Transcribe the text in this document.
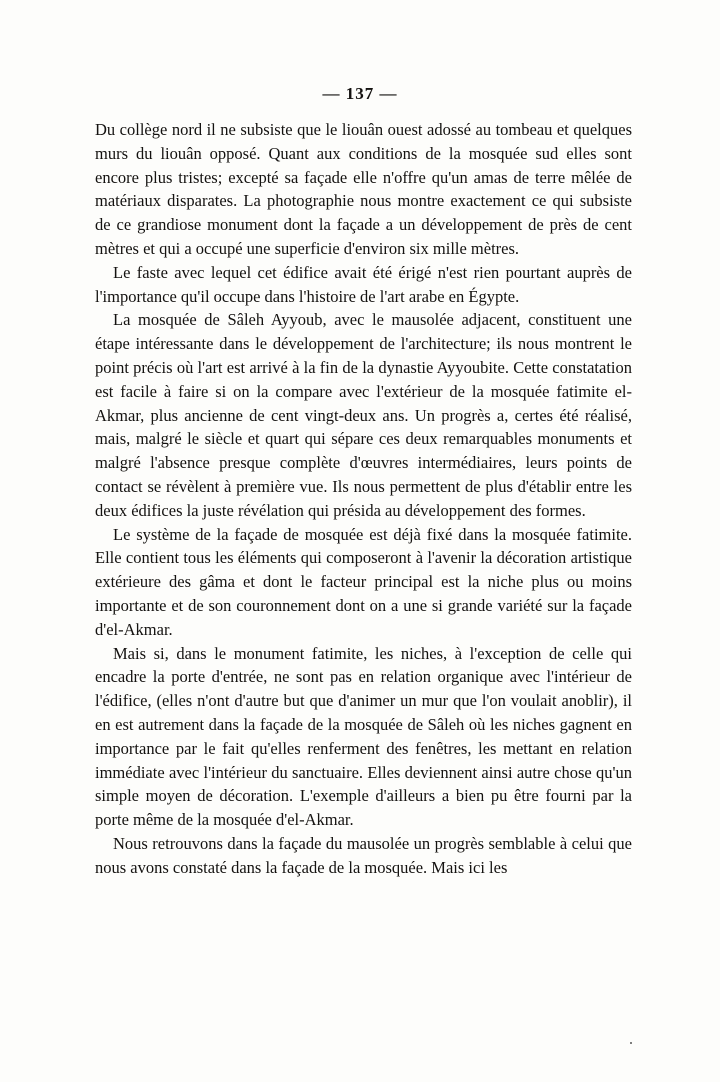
— 137 —

Du collège nord il ne subsiste que le liouân ouest adossé au tombeau et quelques murs du liouân opposé. Quant aux conditions de la mosquée sud elles sont encore plus tristes; excepté sa façade elle n'offre qu'un amas de terre mêlée de matériaux disparates. La photographie nous montre exactement ce qui subsiste de ce grandiose monument dont la façade a un développement de près de cent mètres et qui a occupé une superficie d'environ six mille mètres.

Le faste avec lequel cet édifice avait été érigé n'est rien pourtant auprès de l'importance qu'il occupe dans l'histoire de l'art arabe en Égypte.

La mosquée de Sâleh Ayyoub, avec le mausolée adjacent, constituent une étape intéressante dans le développement de l'architecture; ils nous montrent le point précis où l'art est arrivé à la fin de la dynastie Ayyoubite. Cette constatation est facile à faire si on la compare avec l'extérieur de la mosquée fatimite el-Akmar, plus ancienne de cent vingt-deux ans. Un progrès a, certes été réalisé, mais, malgré le siècle et quart qui sépare ces deux remarquables monuments et malgré l'absence presque complète d'œuvres intermédiaires, leurs points de contact se révèlent à première vue. Ils nous permettent de plus d'établir entre les deux édifices la juste révélation qui présida au développement des formes.

Le système de la façade de mosquée est déjà fixé dans la mosquée fatimite. Elle contient tous les éléments qui composeront à l'avenir la décoration artistique extérieure des gâma et dont le facteur principal est la niche plus ou moins importante et de son couronnement dont on a une si grande variété sur la façade d'el-Akmar.

Mais si, dans le monument fatimite, les niches, à l'exception de celle qui encadre la porte d'entrée, ne sont pas en relation organique avec l'intérieur de l'édifice, (elles n'ont d'autre but que d'animer un mur que l'on voulait anoblir), il en est autrement dans la façade de la mosquée de Sâleh où les niches gagnent en importance par le fait qu'elles renferment des fenêtres, les mettant en relation immédiate avec l'intérieur du sanctuaire. Elles deviennent ainsi autre chose qu'un simple moyen de décoration. L'exemple d'ailleurs a bien pu être fourni par la porte même de la mosquée d'el-Akmar.

Nous retrouvons dans la façade du mausolée un progrès semblable à celui que nous avons constaté dans la façade de la mosquée. Mais ici les
